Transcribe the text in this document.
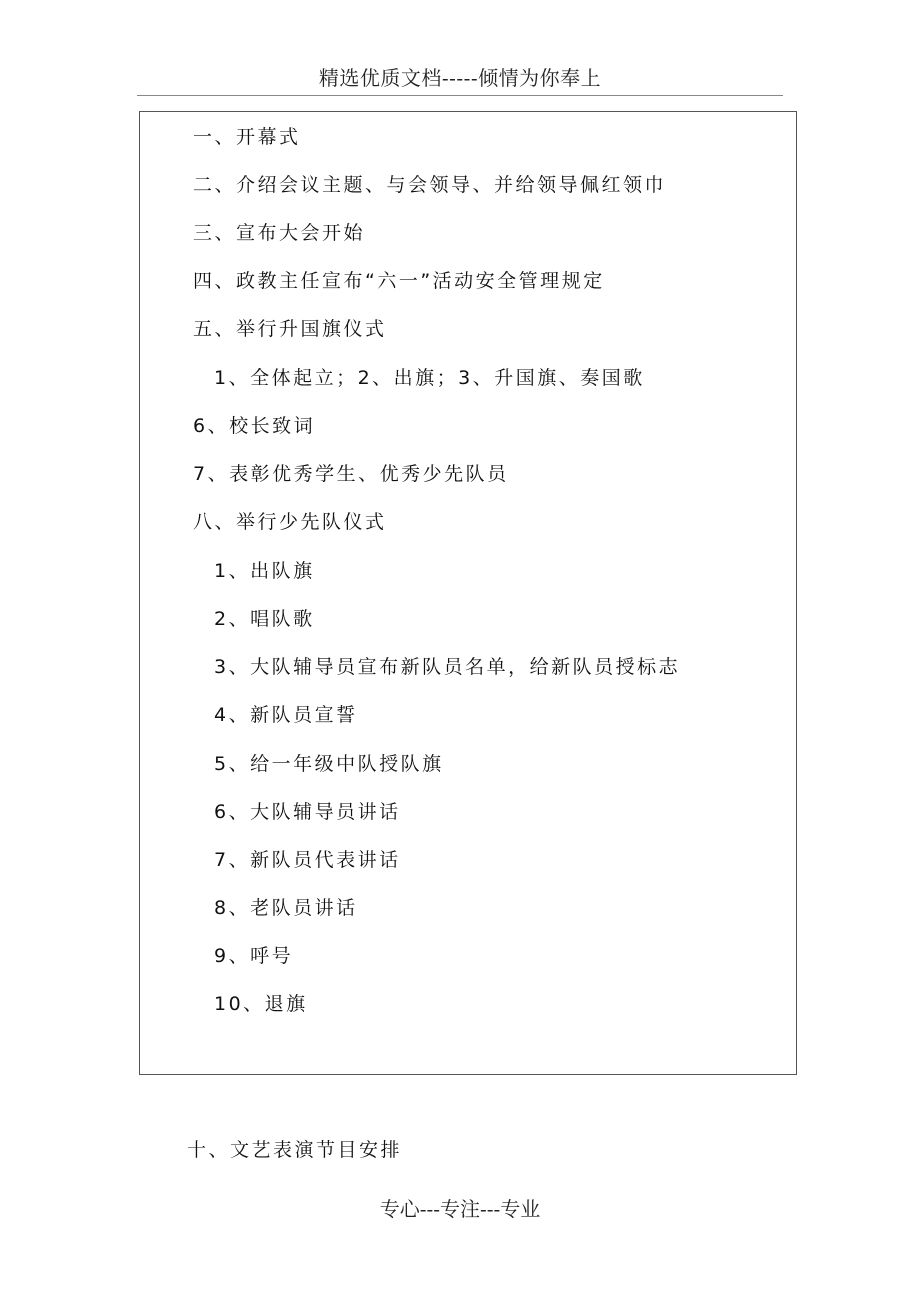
精选优质文档-----倾情为你奉上
一、开幕式
二、介绍会议主题、与会领导、并给领导佩红领巾
三、宣布大会开始
四、政教主任宣布“六一”活动安全管理规定
五、举行升国旗仪式
1、全体起立；2、出旗；3、升国旗、奏国歌
6、校长致词
7、表彰优秀学生、优秀少先队员
八、举行少先队仪式
1、出队旗
2、唱队歌
3、大队辅导员宣布新队员名单，给新队员授标志
4、新队员宣誓
5、给一年级中队授队旗
6、大队辅导员讲话
7、新队员代表讲话
8、老队员讲话
9、呼号
10、退旗
十、文艺表演节目安排
专心---专注---专业
